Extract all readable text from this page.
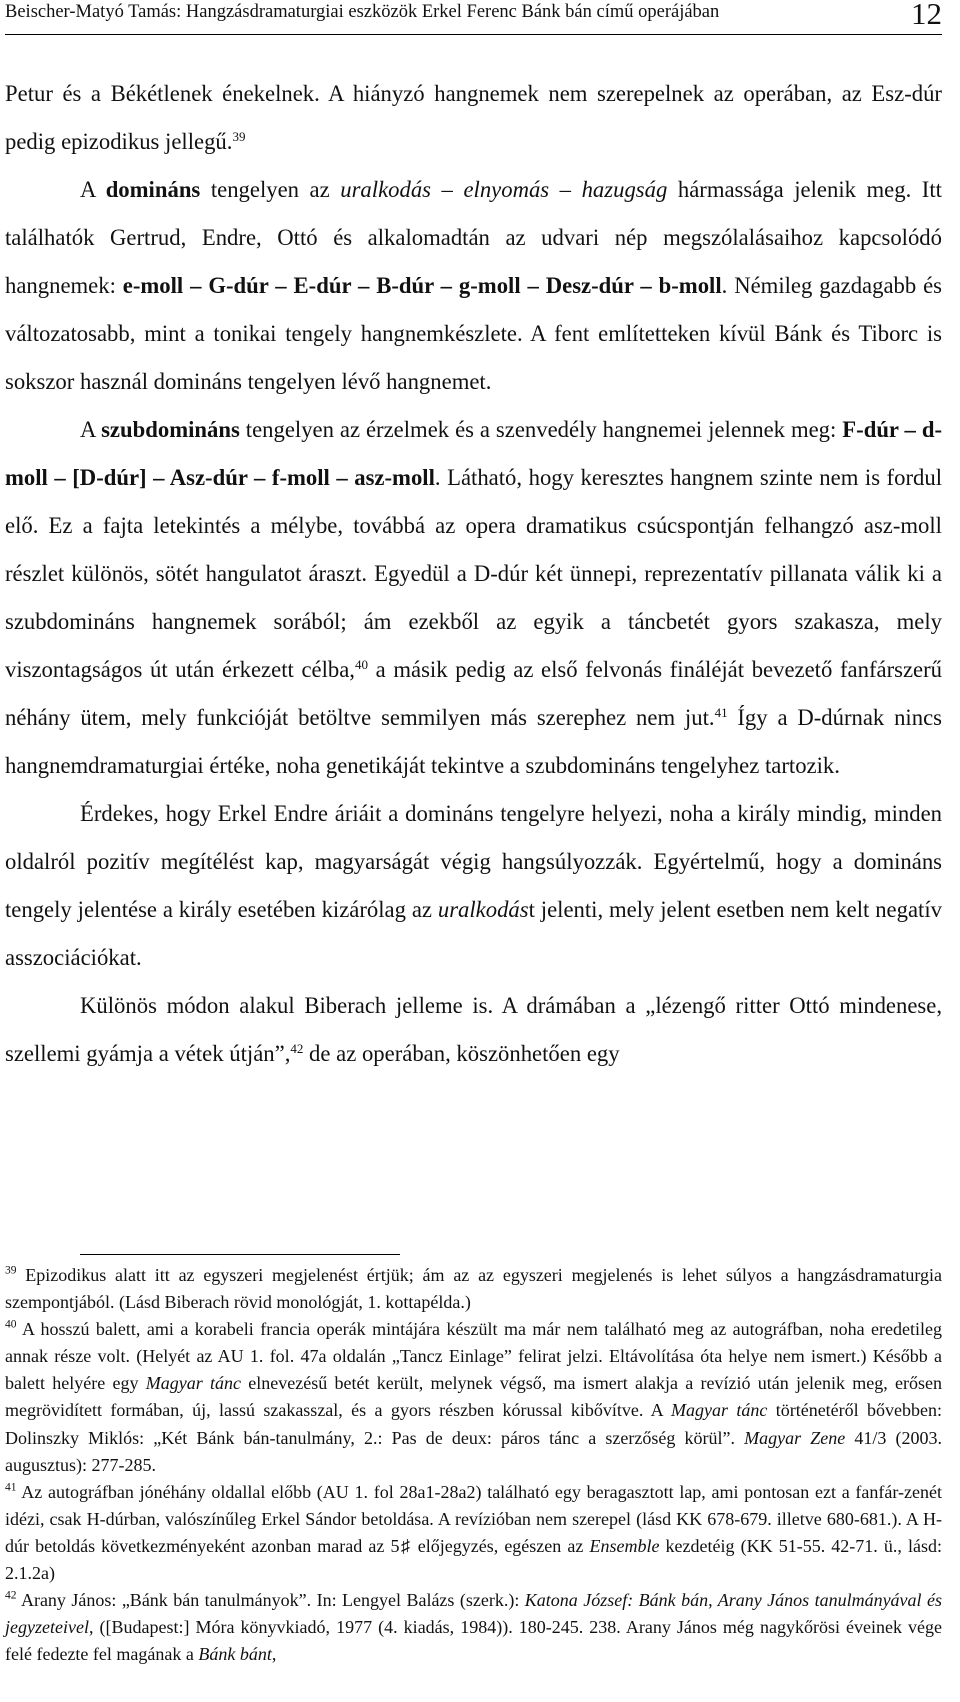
Beischer-Matyó Tamás: Hangzásdramaturgiai eszközök Erkel Ferenc Bánk bán című operájában	12

Petur és a Békétlenek énekelnek. A hiányzó hangnemek nem szerepelnek az operában, az Esz-dúr pedig epizodikus jellegű.$^{39}$

A domináns tengelyen az uralkodás – elnyomás – hazugság hármassága jelenik meg. Itt találhatók Gertrud, Endre, Ottó és alkalomadtán az udvari nép megszólalásaihoz kapcsolódó hangnemek: e-moll – G-dúr – E-dúr – B-dúr – g-moll – Desz-dúr – b-moll. Némileg gazdagabb és változatosabb, mint a tonikai tengely hangnemkészlete. A fent említetteken kívül Bánk és Tiborc is sokszor használ domináns tengelyen lévő hangnemet.

A szubdomináns tengelyen az érzelmek és a szenvedély hangnemei jelennek meg: F-dúr – d-moll – [D-dúr] – Asz-dúr – f-moll – asz-moll. Látható, hogy keresztes hangnem szinte nem is fordul elő. Ez a fajta letekintés a mélybe, továbbá az opera dramatikus csúcspontján felhangzó asz-moll részlet különös, sötét hangulatot áraszt. Egyedül a D-dúr két ünnepi, reprezentatív pillanata válik ki a szubdomináns hangnemek sorából; ám ezekből az egyik a táncbetét gyors szakasza, mely viszontagságos út után érkezett célba,$^{40}$ a másik pedig az első felvonás fináléját bevezető fanfárszerű néhány ütem, mely funkcióját betöltve semmilyen más szerephez nem jut.$^{41}$ Így a D-dúrnak nincs hangnemdramaturgiai értéke, noha genetikáját tekintve a szubdomináns tengelyhez tartozik.

Érdekes, hogy Erkel Endre áriáit a domináns tengelyre helyezi, noha a király mindig, minden oldalról pozitív megítélést kap, magyarságát végig hangsúlyozzák. Egyértelmű, hogy a domináns tengely jelentése a király esetében kizárólag az uralkodást jelenti, mely jelent esetben nem kelt negatív asszociációkat.

Különös módon alakul Biberach jelleme is. A drámában a „lézengő ritter Ottó mindenese, szellemi gyámja a vétek útján”,$^{42}$ de az operában, köszönhetően egy

$^{39}$ Epizodikus alatt itt az egyszeri megjelenést értjük; ám az az egyszeri megjelenés is lehet súlyos a hangzásdramaturgia szempontjából. (Lásd Biberach rövid monológját, 1. kottapélda.)

$^{40}$ A hosszú balett, ami a korabeli francia operák mintájára készült ma már nem található meg az autográfban, noha eredetileg annak része volt. (Helyét az AU 1. fol. 47a oldalán „Tancz Einlage” felirat jelzi. Eltávolítása óta helye nem ismert.) Később a balett helyére egy Magyar tánc elnevezésű betét került, melynek végső, ma ismert alakja a revízió után jelenik meg, erősen megrövidített formában, új, lassú szakasszal, és a gyors részben kórussal kibővítve. A Magyar tánc történetéről bővebben: Dolinszky Miklós: „Két Bánk bán-tanulmány, 2.: Pas de deux: páros tánc a szerzőség körül”. Magyar Zene 41/3 (2003. augusztus): 277-285.

$^{41}$ Az autográfban jónéhány oldallal előbb (AU 1. fol 28a1-28a2) található egy beragasztott lap, ami pontosan ezt a fanfár-zenét idézi, csak H-dúrban, valószínűleg Erkel Sándor betoldása. A revízióban nem szerepel (lásd KK 678-679. illetve 680-681.). A H-dúr betoldás következményeként azonban marad az 5♯ előjegyzés, egészen az Ensemble kezdetéig (KK 51-55. 42-71. ü., lásd: 2.1.2a)

$^{42}$ Arany János: „Bánk bán tanulmányok”. In: Lengyel Balázs (szerk.): Katona József: Bánk bán, Arany János tanulmányával és jegyzeteivel, ([Budapest:] Móra könyvkiadó, 1977 (4. kiadás, 1984)). 180-245. 238. Arany János még nagykőrösi éveinek vége felé fedezte fel magának a Bánk bánt,
